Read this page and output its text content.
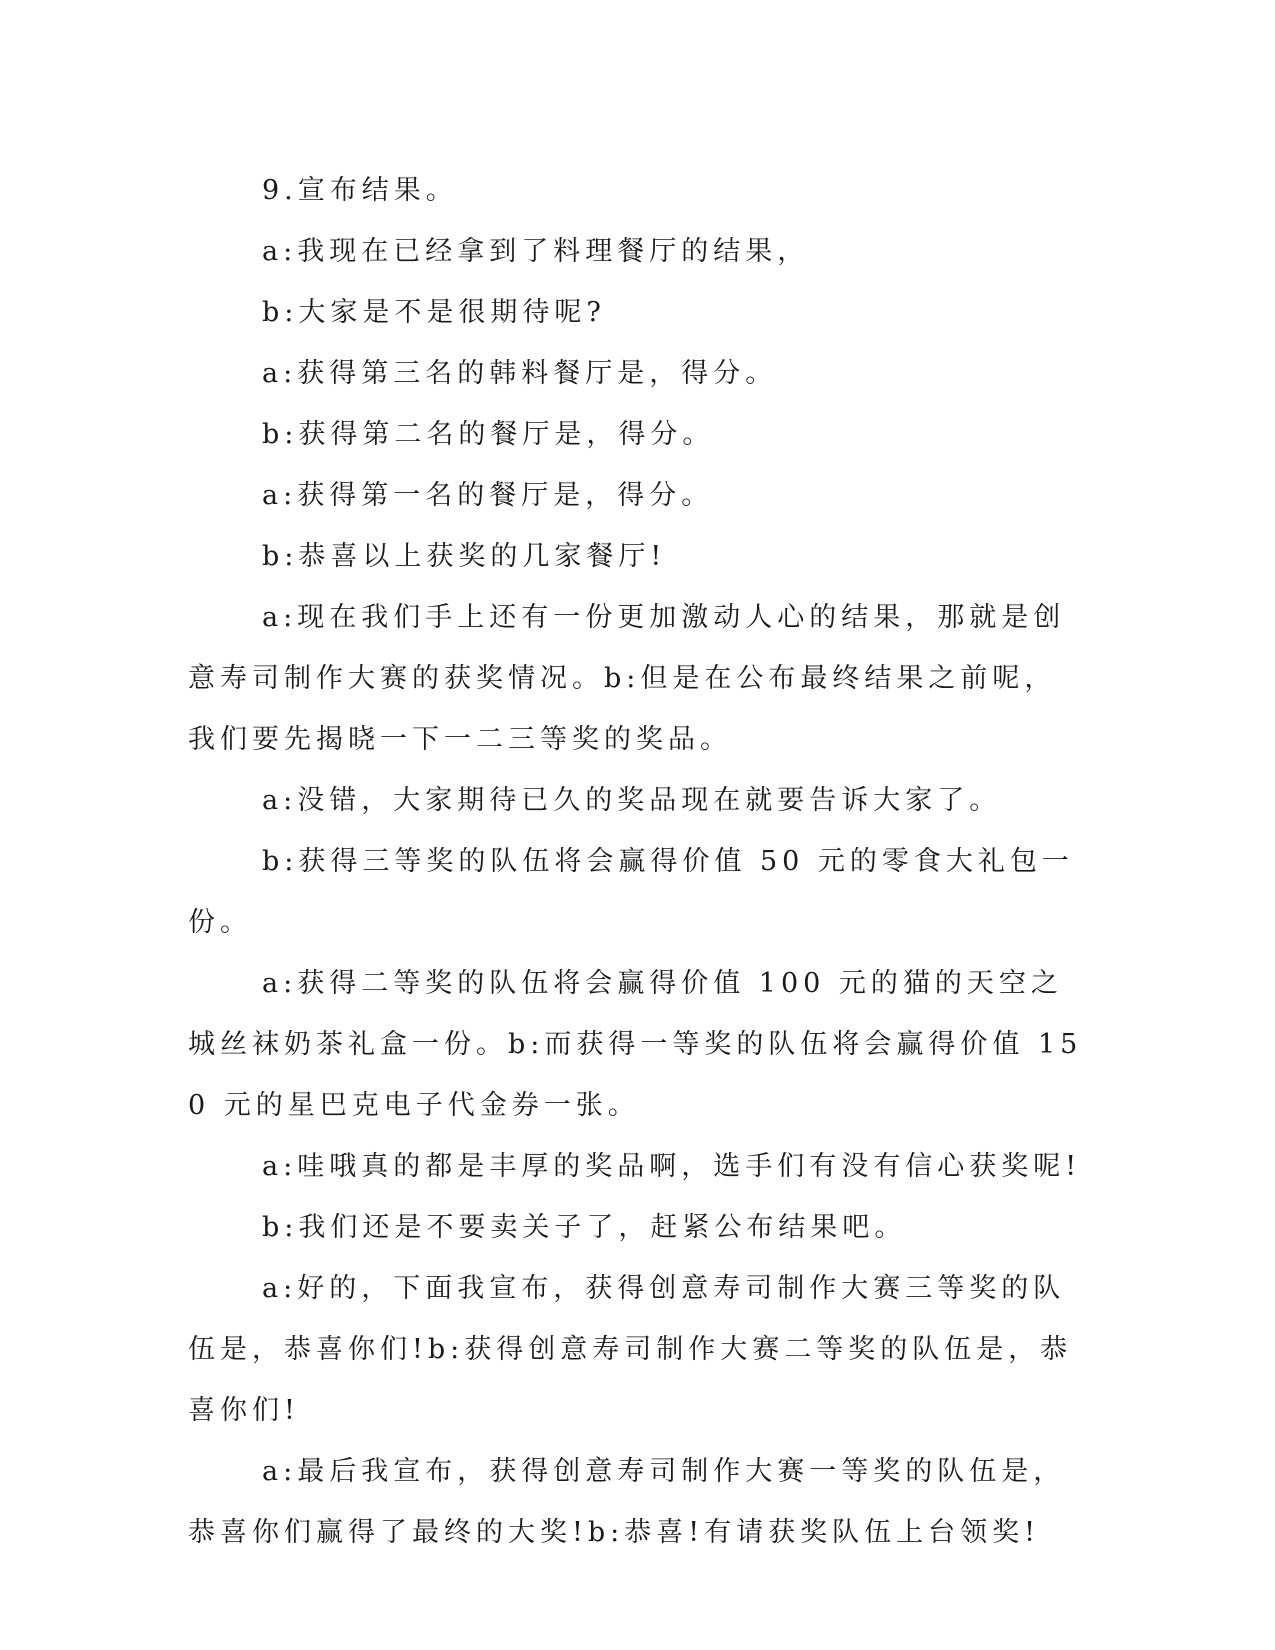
9.宣布结果。

a:我现在已经拿到了料理餐厅的结果，

b:大家是不是很期待呢?

a:获得第三名的韩料餐厅是，得分。

b:获得第二名的餐厅是，得分。

a:获得第一名的餐厅是，得分。

b:恭喜以上获奖的几家餐厅!

a:现在我们手上还有一份更加激动人心的结果，那就是创意寿司制作大赛的获奖情况。b:但是在公布最终结果之前呢，我们要先揭晓一下一二三等奖的奖品。

a:没错，大家期待已久的奖品现在就要告诉大家了。

b:获得三等奖的队伍将会赢得价值 50 元的零食大礼包一份。

a:获得二等奖的队伍将会赢得价值 100 元的猫的天空之城丝袜奶茶礼盒一份。b:而获得一等奖的队伍将会赢得价值 150 元的星巴克电子代金券一张。

a:哇哦真的都是丰厚的奖品啊，选手们有没有信心获奖呢!

b:我们还是不要卖关子了，赶紧公布结果吧。

a:好的，下面我宣布，获得创意寿司制作大赛三等奖的队伍是，恭喜你们!b:获得创意寿司制作大赛二等奖的队伍是，恭喜你们!

a:最后我宣布，获得创意寿司制作大赛一等奖的队伍是，恭喜你们赢得了最终的大奖!b:恭喜!有请获奖队伍上台领奖!
